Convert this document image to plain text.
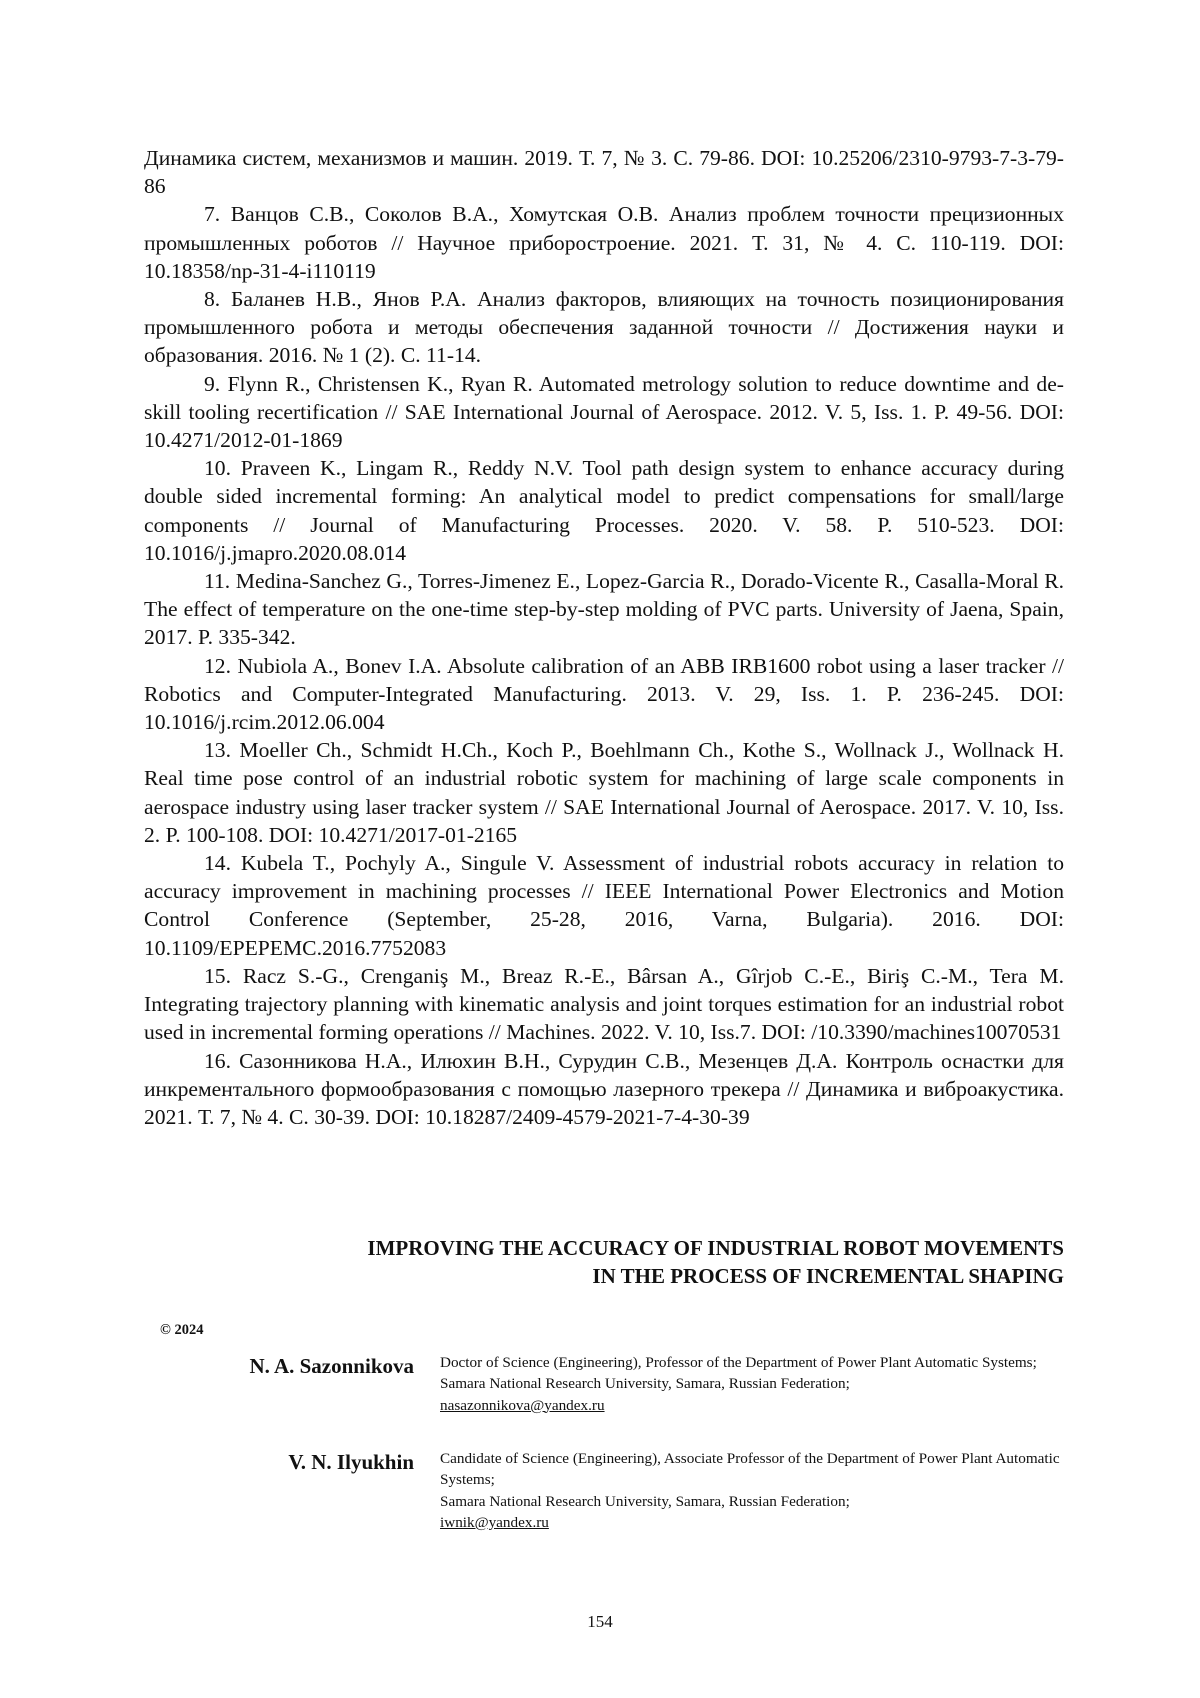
Динамика систем, механизмов и машин. 2019. Т. 7, № 3. С. 79-86. DOI: 10.25206/2310-9793-7-3-79-86

7. Ванцов С.В., Соколов В.А., Хомутская О.В. Анализ проблем точности прецизионных промышленных роботов // Научное приборостроение. 2021. Т. 31, № 4. С. 110-119. DOI: 10.18358/np-31-4-i110119

8. Баланев Н.В., Янов Р.А. Анализ факторов, влияющих на точность позиционирования промышленного робота и методы обеспечения заданной точности // Достижения науки и образования. 2016. № 1 (2). С. 11-14.

9. Flynn R., Christensen K., Ryan R. Automated metrology solution to reduce downtime and de-skill tooling recertification // SAE International Journal of Aerospace. 2012. V. 5, Iss. 1. P. 49-56. DOI: 10.4271/2012-01-1869

10. Praveen K., Lingam R., Reddy N.V. Tool path design system to enhance accuracy during double sided incremental forming: An analytical model to predict compensations for small/large components // Journal of Manufacturing Processes. 2020. V. 58. P. 510-523. DOI: 10.1016/j.jmapro.2020.08.014

11. Medina-Sanchez G., Torres-Jimenez E., Lopez-Garcia R., Dorado-Vicente R., Casalla-Moral R. The effect of temperature on the one-time step-by-step molding of PVC parts. University of Jaena, Spain, 2017. P. 335-342.

12. Nubiola A., Bonev I.A. Absolute calibration of an ABB IRB1600 robot using a laser tracker // Robotics and Computer-Integrated Manufacturing. 2013. V. 29, Iss. 1. P. 236-245. DOI: 10.1016/j.rcim.2012.06.004

13. Moeller Ch., Schmidt H.Ch., Koch P., Boehlmann Ch., Kothe S., Wollnack J., Wollnack H. Real time pose control of an industrial robotic system for machining of large scale components in aerospace industry using laser tracker system // SAE International Journal of Aerospace. 2017. V. 10, Iss. 2. P. 100-108. DOI: 10.4271/2017-01-2165

14. Kubela T., Pochyly A., Singule V. Assessment of industrial robots accuracy in relation to accuracy improvement in machining processes // IEEE International Power Electronics and Motion Control Conference (September, 25-28, 2016, Varna, Bulgaria). 2016. DOI: 10.1109/EPEPEMC.2016.7752083

15. Racz S.-G., Crenganiş M., Breaz R.-E., Bârsan A., Gîrjob C.-E., Biriş C.-M., Tera M. Integrating trajectory planning with kinematic analysis and joint torques estimation for an industrial robot used in incremental forming operations // Machines. 2022. V. 10, Iss.7. DOI: /10.3390/machines10070531

16. Сазонникова Н.А., Илюхин В.Н., Сурудин С.В., Мезенцев Д.А. Контроль оснастки для инкрементального формообразования с помощью лазерного трекера // Динамика и виброакустика. 2021. Т. 7, № 4. С. 30-39. DOI: 10.18287/2409-4579-2021-7-4-30-39

IMPROVING THE ACCURACY OF INDUSTRIAL ROBOT MOVEMENTS
IN THE PROCESS OF INCREMENTAL SHAPING
© 2024
N. A. Sazonnikova	Doctor of Science (Engineering), Professor of the Department of Power Plant Automatic Systems;
Samara National Research University, Samara, Russian Federation;
nasazonnikova@yandex.ru
V. N. Ilyukhin	Candidate of Science (Engineering), Associate Professor of the Department of Power Plant Automatic Systems;
Samara National Research University, Samara, Russian Federation;
iwnik@yandex.ru
154
